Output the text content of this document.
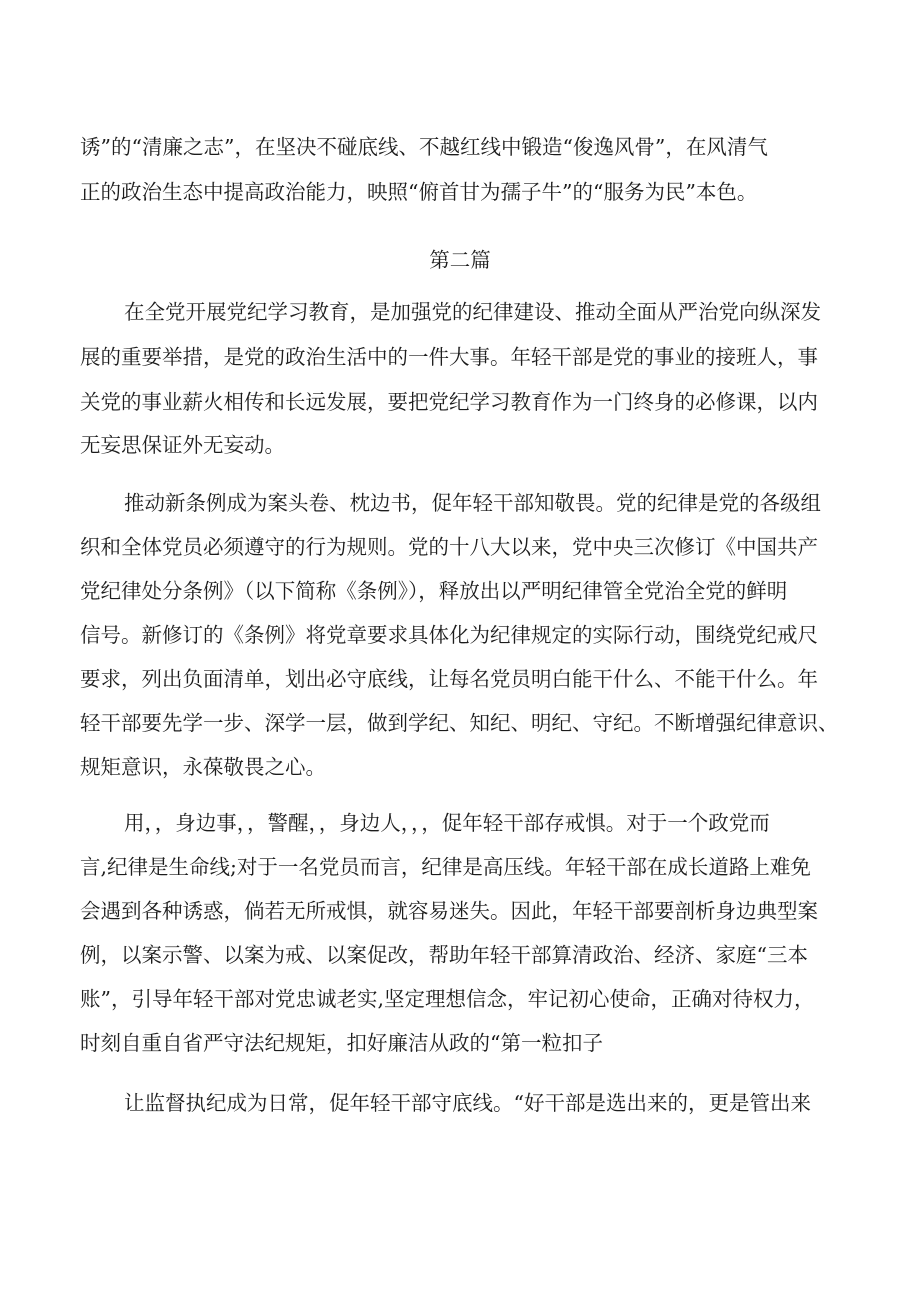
诱”的“清廉之志”，在坚决不碰底线、不越红线中锻造“俊逸风骨”，在风清气
正的政治生态中提高政治能力，映照“俯首甘为孺子牛”的“服务为民”本色。
第二篇
在全党开展党纪学习教育，是加强党的纪律建设、推动全面从严治党向纵深发
展的重要举措，是党的政治生活中的一件大事。年轻干部是党的事业的接班人，事
关党的事业薪火相传和长远发展，要把党纪学习教育作为一门终身的必修课，以内
无妄思保证外无妄动。
推动新条例成为案头卷、枕边书，促年轻干部知敬畏。党的纪律是党的各级组
织和全体党员必须遵守的行为规则。党的十八大以来，党中央三次修订《中国共产
党纪律处分条例》（以下简称《条例》），释放出以严明纪律管全党治全党的鲜明
信号。新修订的《条例》将党章要求具体化为纪律规定的实际行动，围绕党纪戒尺
要求，列出负面清单，划出必守底线，让每名党员明白能干什么、不能干什么。年
轻干部要先学一步、深学一层，做到学纪、知纪、明纪、守纪。不断增强纪律意识、
规矩意识，永葆敬畏之心。
用，，身边事，，警醒，，身边人，，，促年轻干部存戒惧。对于一个政党而
言,纪律是生命线;对于一名党员而言，纪律是高压线。年轻干部在成长道路上难免
会遇到各种诱惑，倘若无所戒惧，就容易迷失。因此，年轻干部要剖析身边典型案
例，以案示警、以案为戒、以案促改，帮助年轻干部算清政治、经济、家庭“三本
账”，引导年轻干部对党忠诚老实,坚定理想信念，牢记初心使命，正确对待权力，
时刻自重自省严守法纪规矩，扣好廉洁从政的“第一粒扣子
让监督执纪成为日常，促年轻干部守底线。“好干部是选出来的，更是管出来
